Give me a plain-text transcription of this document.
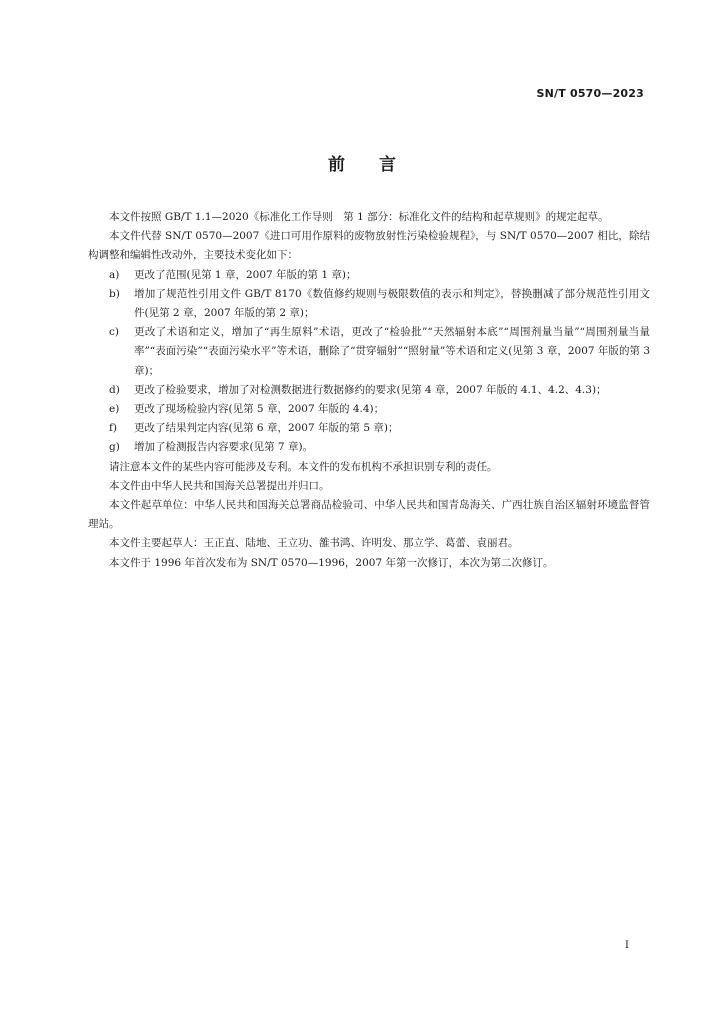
SN/T 0570—2023
前言

本文件按照 GB/T 1.1—2020《标准化工作导则　第 1 部分：标准化文件的结构和起草规则》的规定起草。

本文件代替 SN/T 0570—2007《进口可用作原料的废物放射性污染检验规程》，与 SN/T 0570—2007 相比，除结构调整和编辑性改动外，主要技术变化如下：

a)	更改了范围(见第 1 章，2007 年版的第 1 章)；
b)	增加了规范性引用文件 GB/T 8170《数值修约规则与极限数值的表示和判定》，替换删减了部分规范性引用文件(见第 2 章，2007 年版的第 2 章)；
c)	更改了术语和定义，增加了“再生原料”术语，更改了“检验批”“天然辐射本底”“周围剂量当量”“周围剂量当量率”“表面污染”“表面污染水平”等术语，删除了“贯穿辐射”“照射量”等术语和定义(见第 3 章，2007 年版的第 3 章)；
d)	更改了检验要求，增加了对检测数据进行数据修约的要求(见第 4 章，2007 年版的 4.1、4.2、4.3)；
e)	更改了现场检验内容(见第 5 章，2007 年版的 4.4)；
f)	更改了结果判定内容(见第 6 章，2007 年版的第 5 章)；
g)	增加了检测报告内容要求(见第 7 章)。

请注意本文件的某些内容可能涉及专利。本文件的发布机构不承担识别专利的责任。

本文件由中华人民共和国海关总署提出并归口。

本文件起草单位：中华人民共和国海关总署商品检验司、中华人民共和国青岛海关、广西壮族自治区辐射环境监督管理站。

本文件主要起草人：王正直、陆地、王立功、雒书鸿、许明发、那立学、葛蕾、袁丽君。

本文件于 1996 年首次发布为 SN/T 0570—1996，2007 年第一次修订，本次为第二次修订。

I
